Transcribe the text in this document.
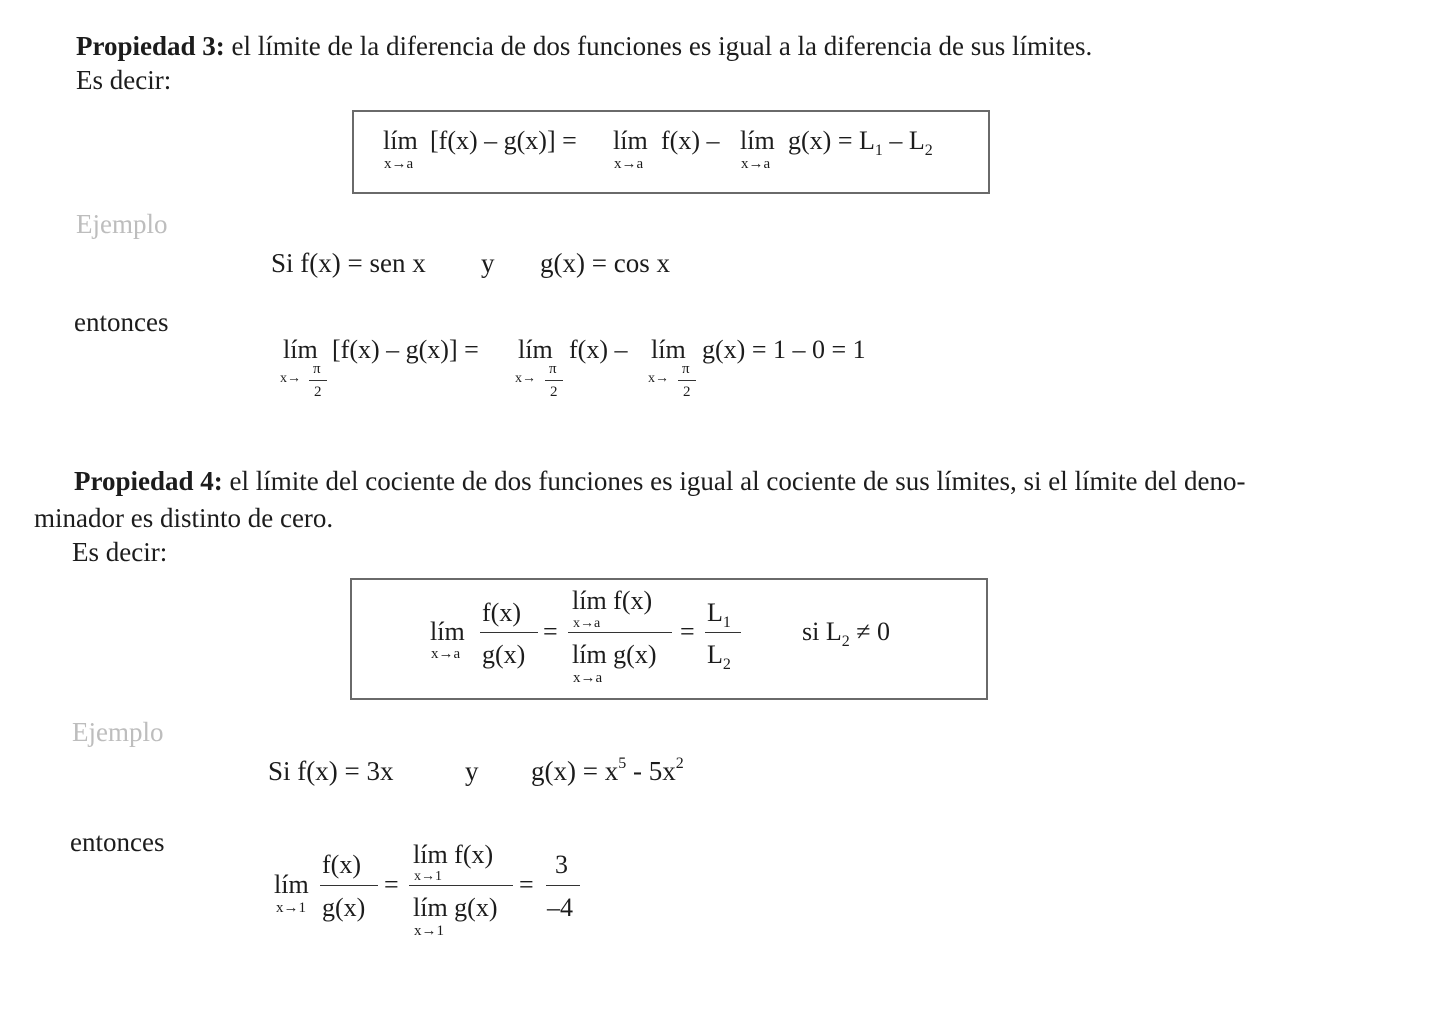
Propiedad 3: el límite de la diferencia de dos funciones es igual a la diferencia de sus límites.
Es decir:
lím
x→a
[f(x) – g(x)] = lím
x→a
f(x) – lím
x→a
$g(x) = L_1 - L_2$
Ejemplo
Si f(x) = sen x y g(x) = cos x
entonces
lím
x→
π
2
[f(x) – g(x)] = lím
x→
π
2
f(x) – lím
x→
π
2
g(x) = 1 – 0 = 1
Propiedad 4: el límite del cociente de dos funciones es igual al cociente de sus límites, si el límite del deno-
minador es distinto de cero.
Es decir:
lím
x→a
f(x)
g(x)
=
lím f(x)
x→a
lím g(x)
x→a
=
$L_1$
$L_2$
si $L_2 \ne 0$
Ejemplo
Si f(x) = 3x	y $g(x) = x^5 - 5x^2$
entonces
lím
x→1
f(x)
g(x)
=
lím f(x)
x→1
lím g(x)
x→1
=
3
–4
